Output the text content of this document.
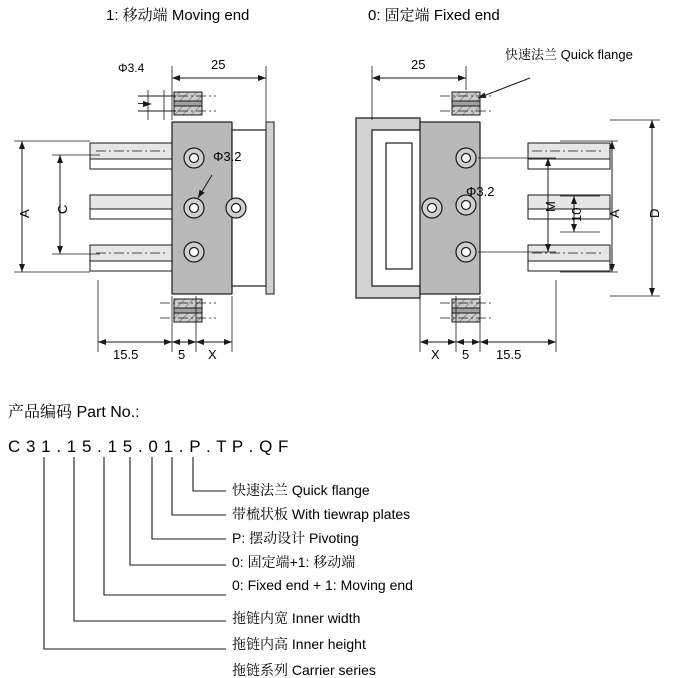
1: 移动端 Moving end	0: 固定端 Fixed end
快速法兰 Quick flange
Φ3.4
Φ3.2
Φ3.2
25	25
A C	M
10 A D
15.5	5 X	X 5 15.5
产品编码 Part No.:
C 3 1 . 1 5 . 1 5 . 0 1 . P . T P . Q F
快速法兰 Quick flange
带梳状板 With tiewrap plates
P: 摆动设计 Pivoting
0: 固定端+1: 移动端
0: Fixed end + 1: Moving end
拖链内宽 Inner width
拖链内高 Inner height
拖链系列 Carrier series
